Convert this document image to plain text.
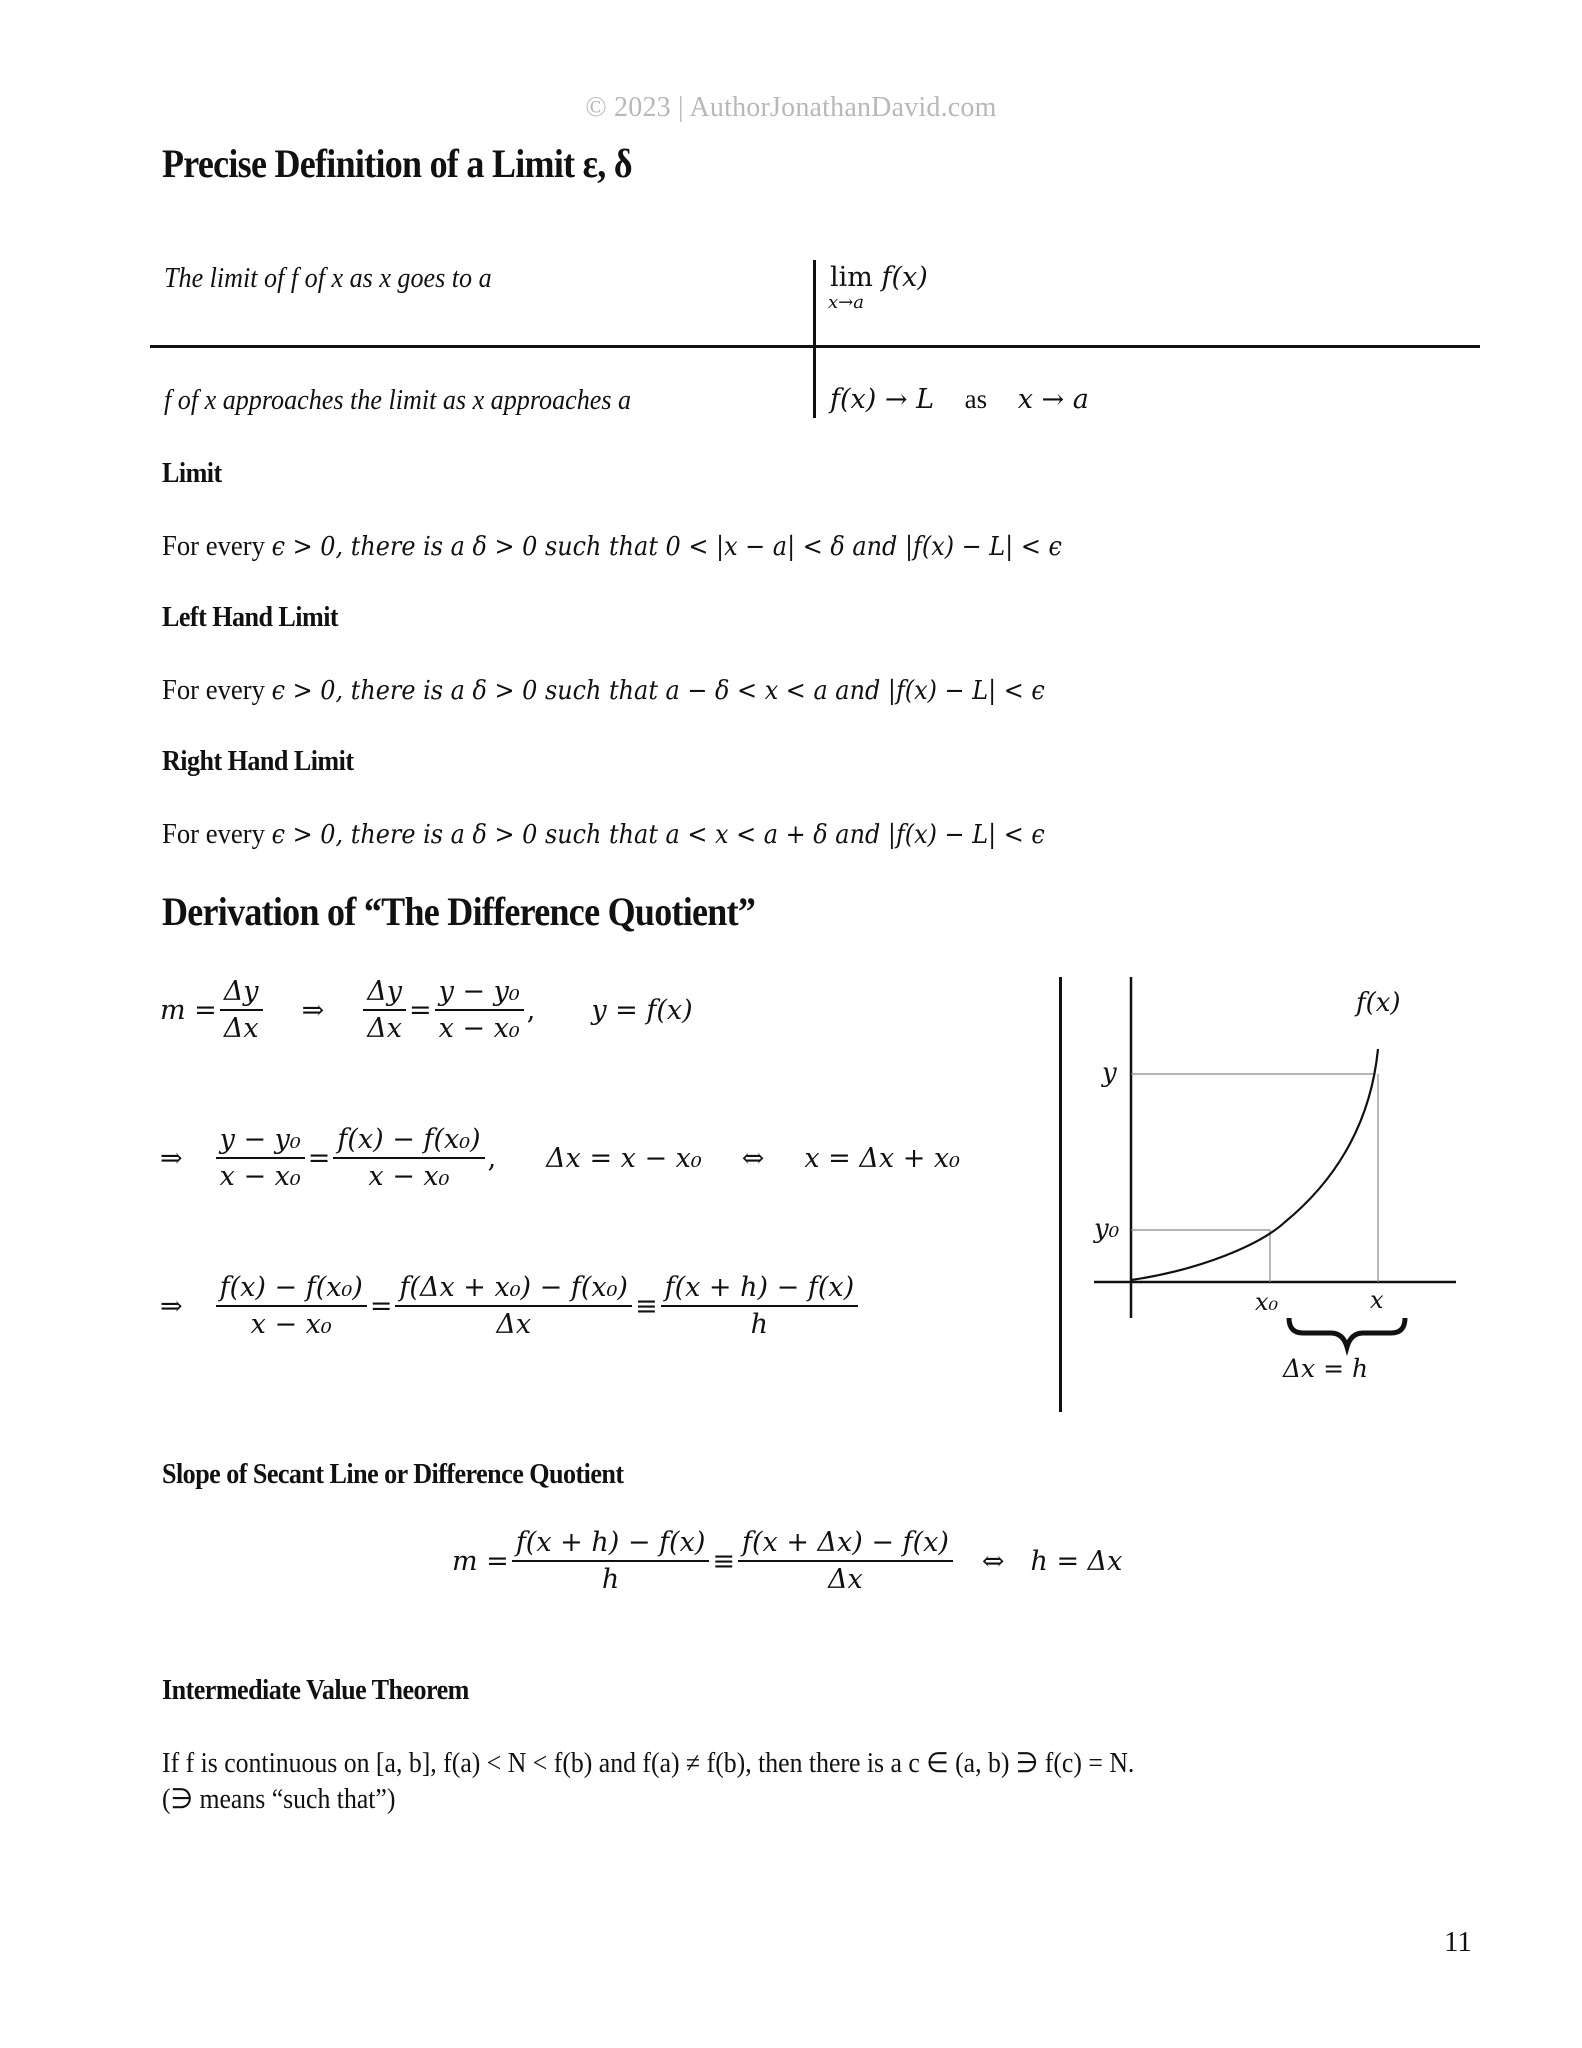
© 2023 | AuthorJonathanDavid.com
Precise Definition of a Limit ε, δ
The limit of f of x as x goes to a	lim f(x)
x→a
f of x approaches the limit as x approaches a	f(x) → L as x → a
Limit
For every ϵ > 0, there is a δ > 0 such that 0 < |x − a| < δ and |f(x) − L| < ϵ
Left Hand Limit
For every ϵ > 0, there is a δ > 0 such that a − δ < x < a and |f(x) − L| < ϵ
Right Hand Limit
For every ϵ > 0, there is a δ > 0 such that a < x < a + δ and |f(x) − L| < ϵ
Derivation of “The Difference Quotient”
$m = \frac{\Delta y}{\Delta x}$ ⇒ $\frac{\Delta y}{\Delta x} = \frac{\text{y − y₀}}{\text{x − x₀}}$ , y = f(x)
⇒ $\frac{\text{y − y₀}}{\text{x − x₀}} = \frac{\text{f(x) − f(x₀)}}{\text{x − x₀}}$ , Δx = x − x₀ ⇔ x = Δx + x₀
⇒ $\frac{\text{f(x) − f(x₀)}}{\text{x − x₀}} = \frac{\text{f(Δx + x₀) − f(x₀)}}{\Delta x} \equiv \frac{f(x + h) - f(x)}{h}$
f(x)
y
y₀
x₀	x
Δx = h
Slope of Secant Line or Difference Quotient
$m = \frac{f(x + h) - f(x)}{h} \equiv \frac{f(x + \Delta x) - f(x)}{\Delta x}$ ⇔ h = Δx
Intermediate Value Theorem
If f is continuous on [a, b], f(a) < N < f(b) and f(a) ≠ f(b), then there is a c ∈ (a, b) ∋ f(c) = N.
(∋ means “such that”)
11
